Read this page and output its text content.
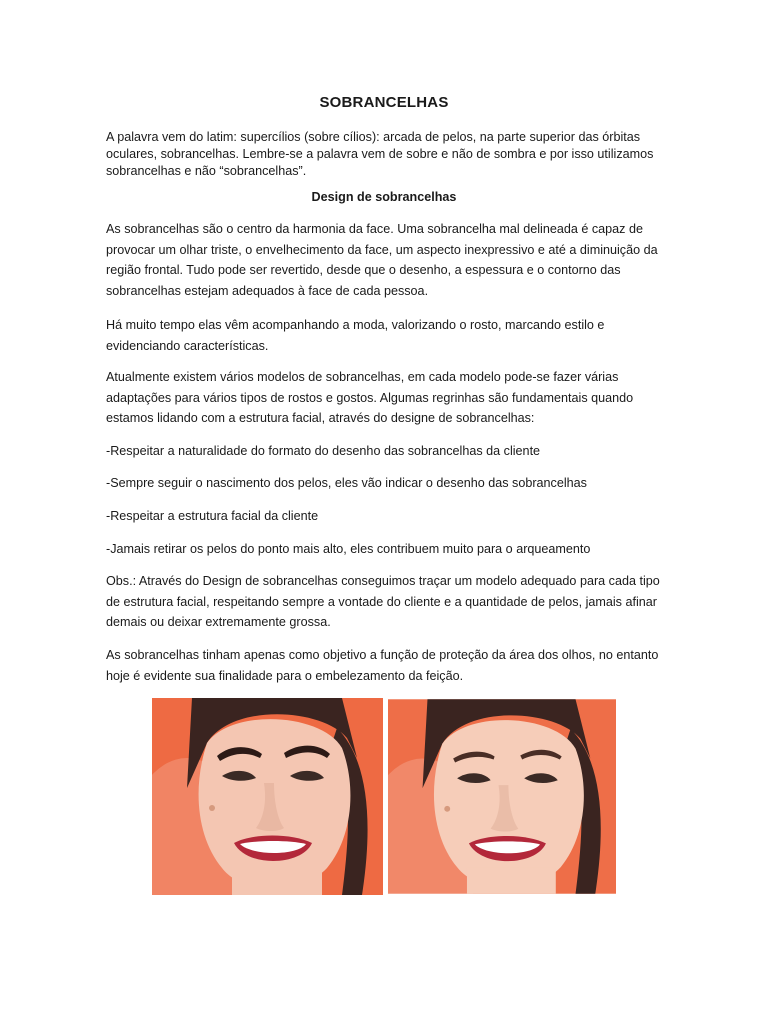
SOBRANCELHAS

A palavra vem do latim: supercílios (sobre cílios): arcada de pelos, na parte superior das órbitas oculares, sobrancelhas. Lembre-se a palavra vem de sobre e não de sombra e por isso utilizamos sobrancelhas e não “sobrancelhas”.

Design de sobrancelhas

As sobrancelhas são o centro da harmonia da face. Uma sobrancelha mal delineada é capaz de provocar um olhar triste, o envelhecimento da face, um aspecto inexpressivo e até a diminuição da região frontal. Tudo pode ser revertido, desde que o desenho, a espessura e o contorno das sobrancelhas estejam adequados à face de cada pessoa.

Há muito tempo elas vêm acompanhando a moda, valorizando o rosto, marcando estilo e evidenciando características.

Atualmente existem vários modelos de sobrancelhas, em cada modelo pode-se fazer várias adaptações para vários tipos de rostos e gostos. Algumas regrinhas são fundamentais quando estamos lidando com a estrutura facial, através do designe de sobrancelhas:

-Respeitar a naturalidade do formato do desenho das sobrancelhas da cliente

-Sempre seguir o nascimento dos pelos, eles vão indicar o desenho das sobrancelhas

-Respeitar a estrutura facial da cliente

-Jamais retirar os pelos do ponto mais alto, eles contribuem muito para o arqueamento

Obs.: Através do Design de sobrancelhas conseguimos traçar um modelo adequado para cada tipo de estrutura facial, respeitando sempre a vontade do cliente e a quantidade de pelos, jamais afinar demais ou deixar extremamente grossa.

As sobrancelhas tinham apenas como objetivo a função de proteção da área dos olhos, no entanto hoje é evidente sua finalidade para o embelezamento da feição.
